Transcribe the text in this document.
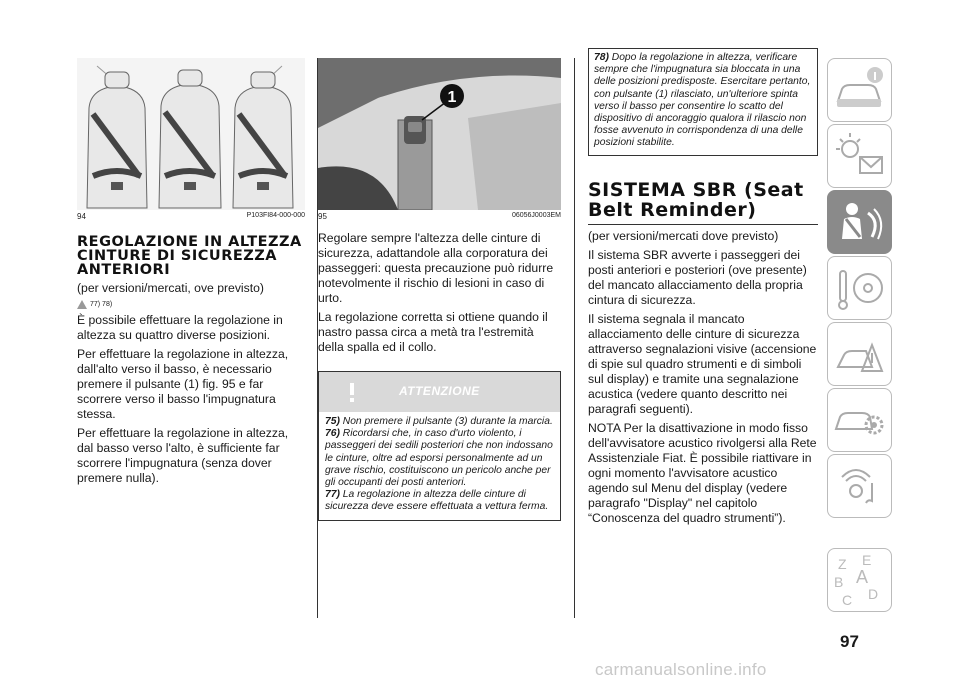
94	P103FI84-000-000
REGOLAZIONE IN ALTEZZA CINTURE DI SICUREZZA ANTERIORI

(per versioni/mercati, ove previsto)

77) 78)

È possibile effettuare la regolazione in altezza su quattro diverse posizioni.

Per effettuare la regolazione in altezza, dall'alto verso il basso, è necessario premere il pulsante (1) fig. 95 e far scorrere verso il basso l'impugnatura stessa.

Per effettuare la regolazione in altezza, dal basso verso l'alto, è sufficiente far scorrere l'impugnatura (senza dover premere nulla).

1
95	06056J0003EM

Regolare sempre l'altezza delle cinture di sicurezza, adattandole alla corporatura dei passeggeri: questa precauzione può ridurre notevolmente il rischio di lesioni in caso di urto.

La regolazione corretta si ottiene quando il nastro passa circa a metà tra l'estremità della spalla ed il collo.

ATTENZIONE
75) Non premere il pulsante (3) durante la marcia.
76) Ricordarsi che, in caso d'urto violento, i passeggeri dei sedili posteriori che non indossano le cinture, oltre ad esporsi personalmente ad un grave rischio, costituiscono un pericolo anche per gli occupanti dei posti anteriori.
77) La regolazione in altezza delle cinture di sicurezza deve essere effettuata a vettura ferma.
78) Dopo la regolazione in altezza, verificare sempre che l'impugnatura sia bloccata in una delle posizioni predisposte. Esercitare pertanto, con pulsante (1) rilasciato, un'ulteriore spinta verso il basso per consentire lo scatto del dispositivo di ancoraggio qualora il rilascio non fosse avvenuto in corrispondenza di una delle posizioni stabilite.
SISTEMA SBR (Seat Belt Reminder)

(per versioni/mercati dove previsto)

Il sistema SBR avverte i passeggeri dei posti anteriori e posteriori (ove presente) del mancato allacciamento della propria cintura di sicurezza.

Il sistema segnala il mancato allacciamento delle cinture di sicurezza attraverso segnalazioni visive (accensione di spie sul quadro strumenti e di simboli sul display) e tramite una segnalazione acustica (vedere quanto descritto nei paragrafi seguenti).

NOTA Per la disattivazione in modo fisso dell'avvisatore acustico rivolgersi alla Rete Assistenziale Fiat. È possibile riattivare in ogni momento l'avvisatore acustico agendo sul Menu del display (vedere paragrafo "Display" nel capitolo “Conoscenza del quadro strumenti”).

Z E
B A
C D
97
carmanualsonline.info
